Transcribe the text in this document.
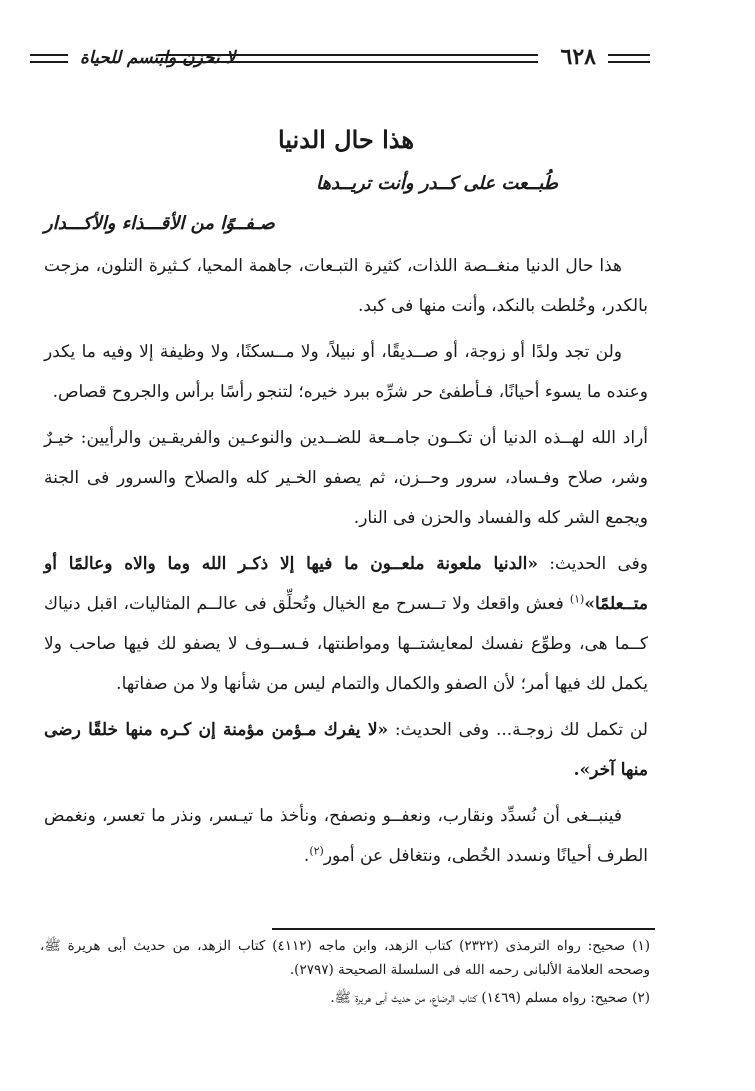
٦٢٨
لا تحزن وابتسم للحياة
هذا حال الدنيا
طُبــعت على كــدر وأنت تريــدها
صـفــوًا من الأقـــذاء والأكـــدار

هذا حال الدنيا منغــصة اللذات، كثيرة التبـعات، جاهمة المحيا، كـثيرة التلون، مزجت بالكدر، وخُلطت بالنكد، وأنت منها فى كبد.

ولن تجد ولدًا أو زوجة، أو صــديقًا، أو نبيلاً، ولا مــسكنًا، ولا وظيفة إلا وفيه ما يكدر وعنده ما يسوء أحيانًا، فـأطفئ حر شرِّه ببرد خيره؛ لتنجو رأسًا برأس والجروح قصاص.

أراد الله لهــذه الدنيا أن تكــون جامــعة للضــدين والنوعـين والفريقـين والرأيين: خيـرٌ وشر، صلاح وفـساد، سرور وحــزن، ثم يصفو الخـير كله والصلاح والسرور فى الجنة ويجمع الشر كله والفساد والحزن فى النار.

وفى الحديث: «الدنيا ملعونة ملعــون ما فيها إلا ذكـر الله وما والاه وعالمًا أو متــعلمًا»$^{(١)}$ فعش واقعك ولا تــسرح مع الخيال وتُحلِّق فى عالــم المثاليات، اقبل دنياك كــما هى، وطوِّع نفسك لمعايشتــها ومواطنتها، فـســوف لا يصفو لك فيها صاحب ولا يكمل لك فيها أمر؛ لأن الصفو والكمال والتمام ليس من شأنها ولا من صفاتها.

لن تكمل لك زوجـة... وفى الحديث: «لا يفرك مـؤمن مؤمنة إن كـره منها خلقًا رضى منها آخر».

فينبــغى أن نُسدِّد ونقارب، ونعفــو ونصفح، ونأخذ ما تيـسر، ونذر ما تعسر، ونغمض الطرف أحيانًا ونسدد الخُطى، ونتغافل عن أمور$^{(٢)}$.

(١) صحيح: رواه الترمذى (٢٣٢٢) كتاب الزهد، وابن ماجه (٤١١٢) كتاب الزهد، من حديث أبى هريرة ﷺ، وصححه العلامة الألبانى رحمه الله فى السلسلة الصحيحة (٢٧٩٧).

(٢) صحيح: رواه مسلم (١٤٦٩) كتاب الرضاع، من حديث أبى هريرة ﷺ.
